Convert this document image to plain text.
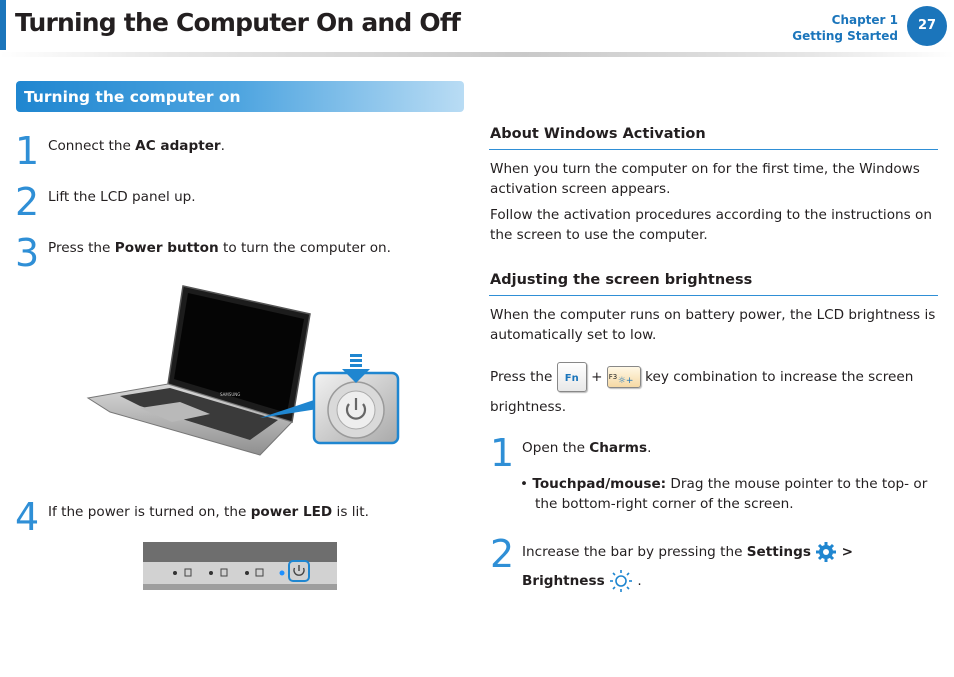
Turning the Computer On and Off	Chapter 1
Getting Started
27
Turning the computer on
1 Connect the AC adapter.
2 Lift the LCD panel up.
3 Press the Power button to turn the computer on.
SAMSUNG
4 If the power is turned on, the power LED is lit.
About Windows Activation
When you turn the computer on for the first time, the Windows
activation screen appears.
Follow the activation procedures according to the instructions on
the screen to use the computer.
Adjusting the screen brightness
When the computer runs on battery power, the LCD brightness is
automatically set to low.
Press the Fn + F3 ☼+ key combination to increase the screen
brightness.
1 Open the Charms.
• Touchpad/mouse: Drag the mouse pointer to the top- or
the bottom-right corner of the screen.
2 Increase the bar by pressing the Settings >
Brightness .
